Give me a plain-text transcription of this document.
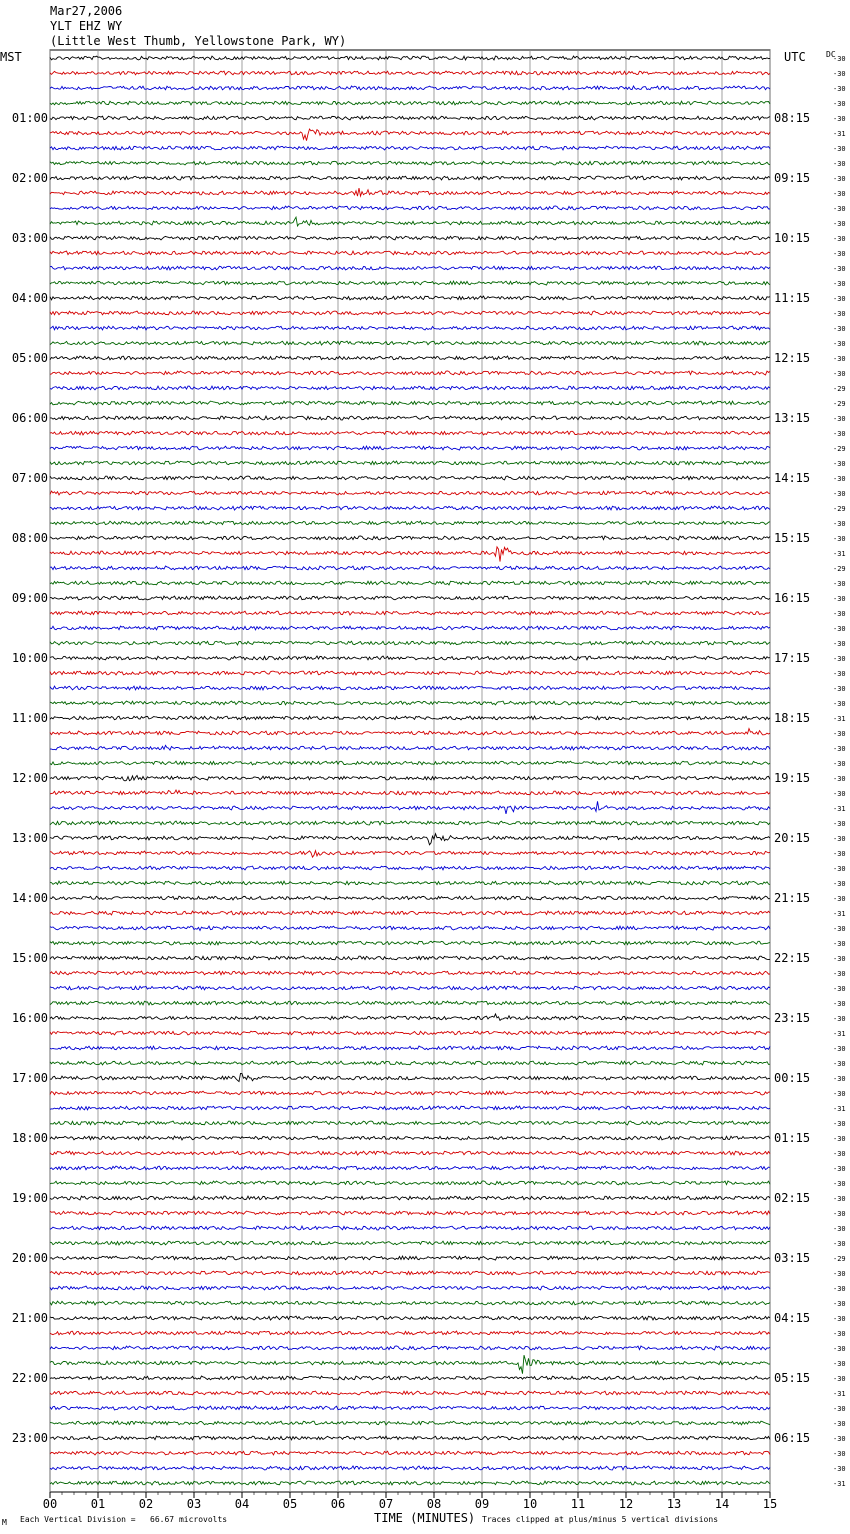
Mar27,2006
YLT EHZ WY
(Little West Thumb, Yellowstone Park, WY)
MST	UTC	DC
Each Vertical Division =   66.67 microvolts	TIME (MINUTES) Traces clipped at plus/minus 5 vertical divisions
M
00	01	02	03	04	05	06	07	08	09	10	11	12	13	14	15
-30
-30
-30
-30
-30
-31
-30
-30
-30
-30
-30
-30
-30
-30
-30
-30
-30
-30
-30
-30
-30
-30
-29
-29
-30
-30
-29
-30
-30
-30
-29
-30
-30
-31
-29
-30
-30
-30
-30
-30
-30
-30
-30
-30
-31
-30
-30
-30
-30
-30
-31
-30
-30
-30
-30
-30
-30
-31
-30
-30
-30
-30
-30
-30
-30
-31
-30
-30
-30
-30
-31
-30
-30
-30
-30
-30
-30
-30
-30
-30
-29
-30
-30
-30
-30
-30
-30
-30
-30
-31
-30
-30
-30
-30
-30
-31
01:00
02:00
03:00
04:00
05:00
06:00
07:00
08:00
09:00
10:00
11:00
12:00
13:00
14:00
15:00
16:00
17:00
18:00
19:00
20:00
21:00
22:00
23:00
08:15
09:15
10:15
11:15
12:15
13:15
14:15
15:15
16:15
17:15
18:15
19:15
20:15
21:15
22:15
23:15
00:15
01:15
02:15
03:15
04:15
05:15
06:15
